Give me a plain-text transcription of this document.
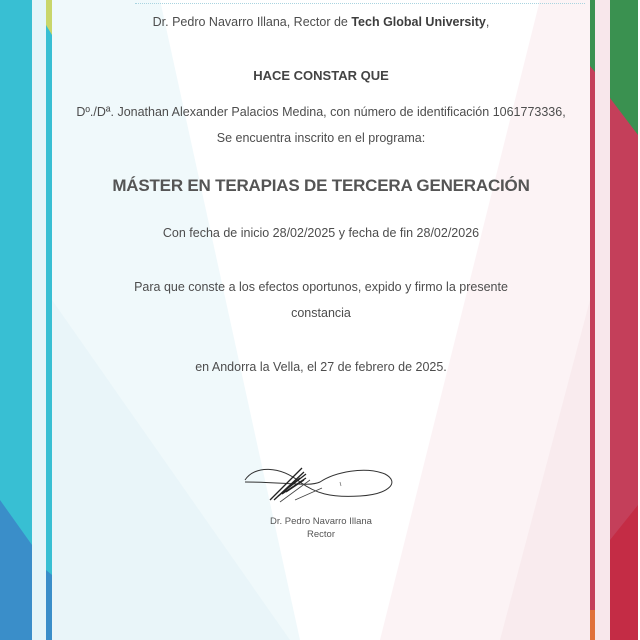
Dr. Pedro Navarro Illana, Rector de Tech Global University,
HACE CONSTAR QUE
Dº./Dª. Jonathan Alexander Palacios Medina, con número de identificación 1061773336,
Se encuentra inscrito en el programa:
MÁSTER EN TERAPIAS DE TERCERA GENERACIÓN
Con fecha de inicio 28/02/2025 y fecha de fin 28/02/2026
Para que conste a los efectos oportunos, expido y firmo la presente
constancia
en Andorra la Vella, el 27 de febrero de 2025.
Dr. Pedro Navarro Illana
Rector
